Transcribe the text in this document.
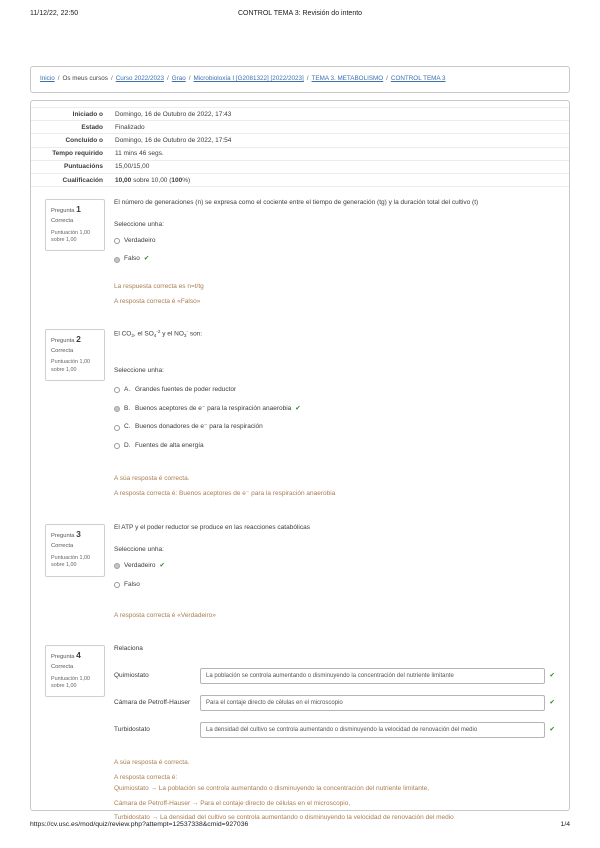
11/12/22, 22:50	CONTROL TEMA 3: Revisión do intento
Inicio / Os meus cursos / Curso 2022/2023 / Grao / Microbioloxía I [G2081322] [2022/2023] / TEMA 3. METABOLISMO / CONTROL TEMA 3
Iniciado o	Domingo, 16 de Outubro de 2022, 17:43
Estado	Finalizado
Concluído o	Domingo, 16 de Outubro de 2022, 17:54
Tempo requirido	11 mins 46 segs.
Puntuacións	15,00/15,00
Cualificación	10,00 sobre 10,00 (100%)
Pregunta 1
Correcta
Puntuación 1,00 sobre 1,00
El número de generaciones (n) se expresa como el cociente entre el tiempo de generación (tg) y la duración total del cultivo (t)
Seleccione unha:
Verdadeiro
Falso ✔
La respuesta correcta es n=t/tg
A resposta correcta é «Falso»
Pregunta 2
Correcta
Puntuación 1,00 sobre 1,00
El $CO_2$, el $SO_4^{-2}$ y el $NO_3^-$ son:
Seleccione unha:
A. Grandes fuentes de poder reductor
B. Buenos aceptores de e⁻ para la respiración anaerobia ✔
C. Buenos donadores de e⁻ para la respiración
D. Fuentes de alta energía
A súa resposta é correcta.
A resposta correcta é: Buenos aceptores de e⁻ para la respiración anaerobia
Pregunta 3
Correcta
Puntuación 1,00 sobre 1,00
El ATP y el poder reductor se produce en las reacciones catabólicas
Seleccione unha:
Verdadeiro ✔
Falso
A resposta correcta é «Verdadeiro»
Pregunta 4
Correcta
Puntuación 1,00 sobre 1,00
Relaciona
Quimiostato	La población se controla aumentando o disminuyendo la concentración del nutriente limitante	✔
Cámara de Petroff-Hauser	Para el contaje directo de células en el microscopio	✔
Turbidostato	La densidad del cultivo se controla aumentando o disminuyendo la velocidad de renovación del medio	✔
A súa resposta é correcta.
A resposta correcta é:
Quimiostato → La población se controla aumentando o disminuyendo la concentración del nutriente limitante,
Cámara de Petroff-Hauser → Para el contaje directo de células en el microscopio,
Turbidostato → La densidad del cultivo se controla aumentando o disminuyendo la velocidad de renovación del medio
https://cv.usc.es/mod/quiz/review.php?attempt=12537338&cmid=927036	1/4
